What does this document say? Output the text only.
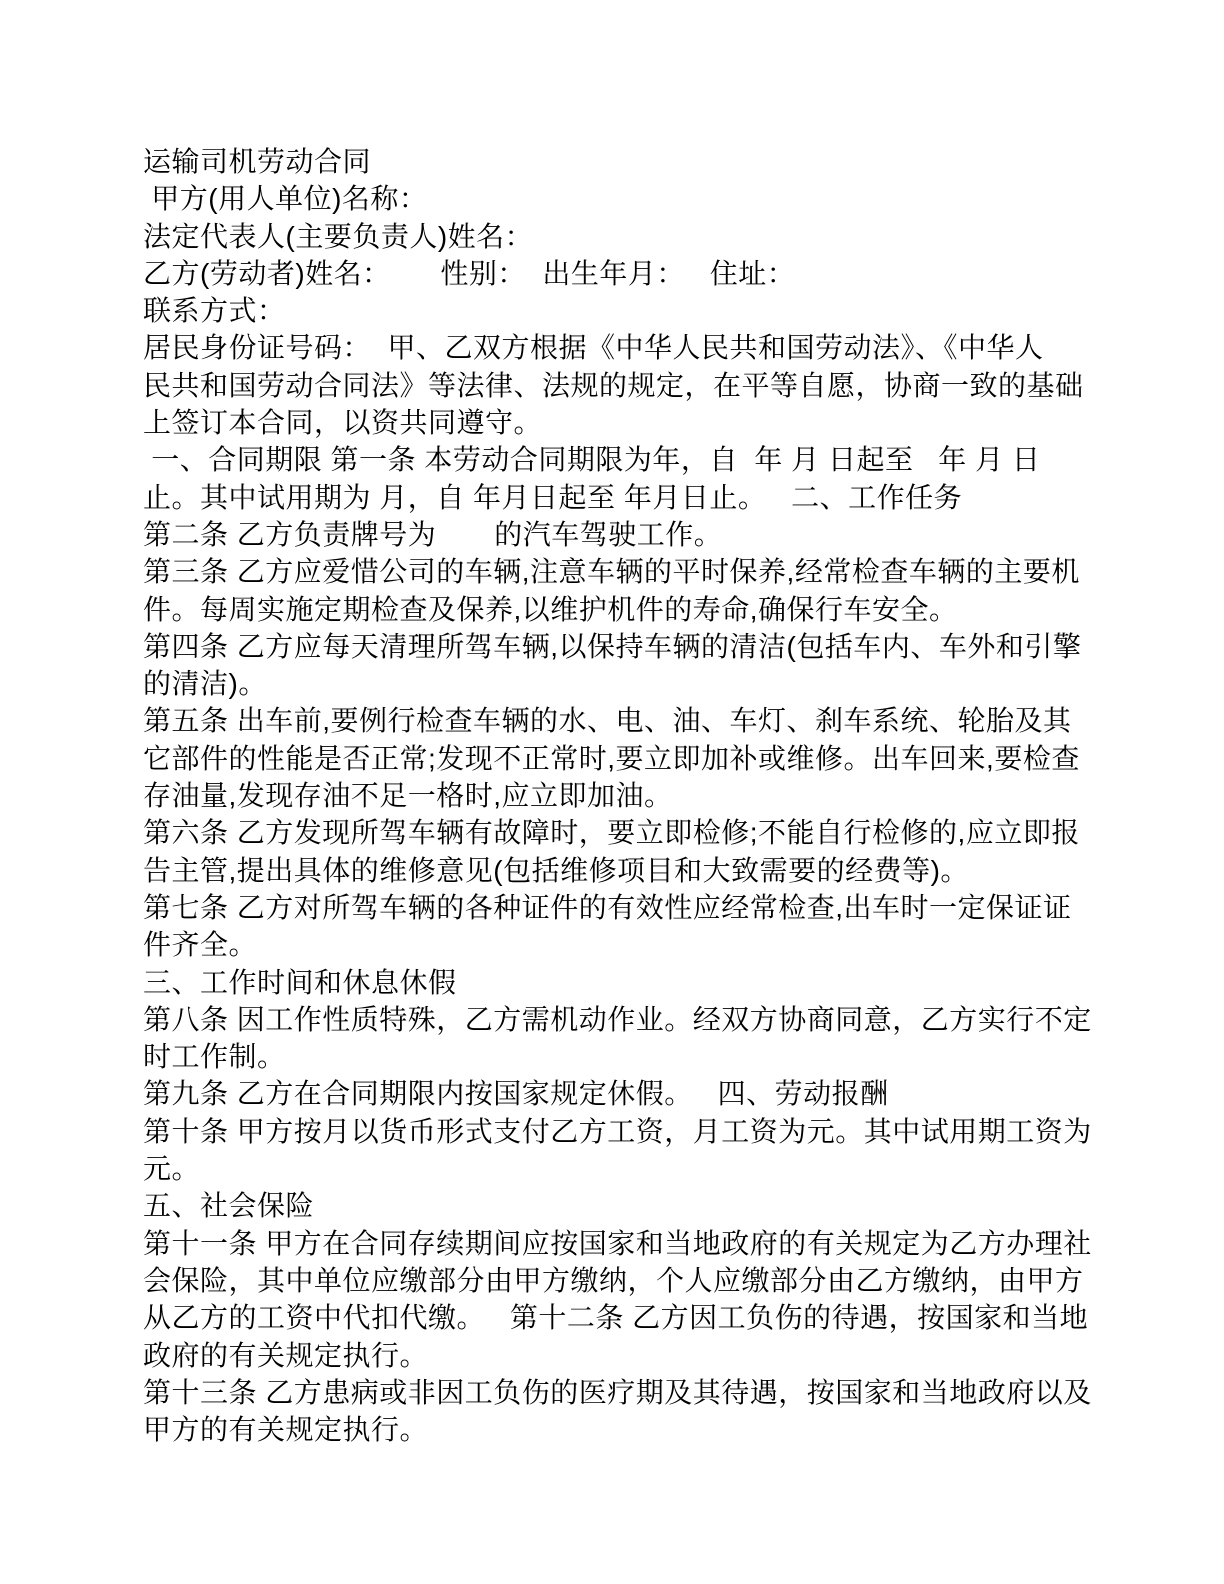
运输司机劳动合同
甲方(用人单位)名称：
法定代表人(主要负责人)姓名：
乙方(劳动者)姓名：      性别：  出生年月：   住址：
联系方式：
居民身份证号码：  甲、乙双方根据《中华人民共和国劳动法》、《中华人
民共和国劳动合同法》等法律、法规的规定，在平等自愿，协商一致的基础
上签订本合同，以资共同遵守。
一、合同期限 第一条 本劳动合同期限为年，自  年 月 日起至   年 月 日
止。其中试用期为 月，自 年月日起至 年月日止。   二、工作任务
第二条 乙方负责牌号为       的汽车驾驶工作。
第三条 乙方应爱惜公司的车辆,注意车辆的平时保养,经常检查车辆的主要机
件。每周实施定期检查及保养,以维护机件的寿命,确保行车安全。
第四条 乙方应每天清理所驾车辆,以保持车辆的清洁(包括车内、车外和引擎
的清洁)。
第五条 出车前,要例行检查车辆的水、电、油、车灯、刹车系统、轮胎及其
它部件的性能是否正常;发现不正常时,要立即加补或维修。出车回来,要检查
存油量,发现存油不足一格时,应立即加油。
第六条 乙方发现所驾车辆有故障时，要立即检修;不能自行检修的,应立即报
告主管,提出具体的维修意见(包括维修项目和大致需要的经费等)。
第七条 乙方对所驾车辆的各种证件的有效性应经常检查,出车时一定保证证
件齐全。
三、工作时间和休息休假
第八条 因工作性质特殊，乙方需机动作业。经双方协商同意，乙方实行不定
时工作制。
第九条 乙方在合同期限内按国家规定休假。   四、劳动报酬
第十条 甲方按月以货币形式支付乙方工资，月工资为元。其中试用期工资为
元。
五、社会保险
第十一条 甲方在合同存续期间应按国家和当地政府的有关规定为乙方办理社
会保险，其中单位应缴部分由甲方缴纳，个人应缴部分由乙方缴纳，由甲方
从乙方的工资中代扣代缴。   第十二条 乙方因工负伤的待遇，按国家和当地
政府的有关规定执行。
第十三条 乙方患病或非因工负伤的医疗期及其待遇，按国家和当地政府以及
甲方的有关规定执行。
